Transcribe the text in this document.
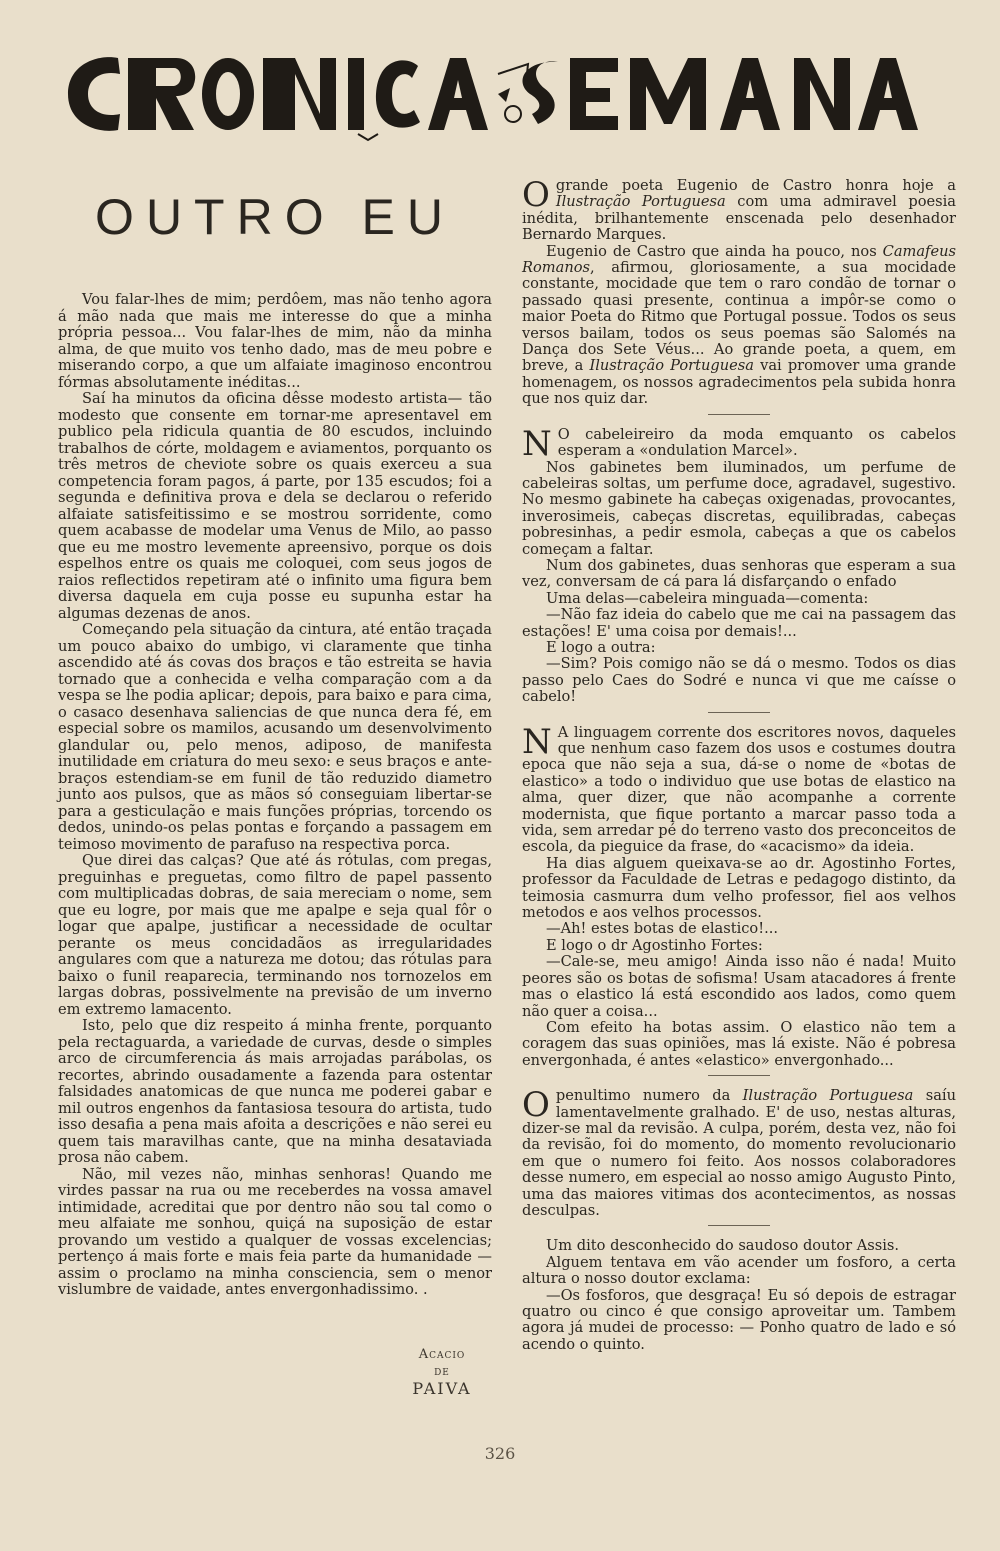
OUTRO EU

Vou falar-lhes de mim; perdôem, mas não tenho agora á mão nada que mais me interesse do que a minha própria pessoa... Vou falar-lhes de mim, não da minha alma, de que muito vos tenho dado, mas de meu pobre e miserando corpo, a que um alfaiate imaginoso encontrou fórmas absolutamente inéditas...

Saí ha minutos da oficina dêsse modesto artista— tão modesto que consente em tornar-me apresentavel em publico pela ridicula quantia de 80 escudos, incluindo trabalhos de córte, moldagem e aviamentos, porquanto os três metros de cheviote sobre os quais exerceu a sua competencia foram pagos, á parte, por 135 escudos; foi a segunda e definitiva prova e dela se declarou o referido alfaiate satisfeitissimo e se mostrou sorridente, como quem acabasse de modelar uma Venus de Milo, ao passo que eu me mostro levemente apreensivo, porque os dois espelhos entre os quais me coloquei, com seus jogos de raios reflectidos repetiram até o infinito uma figura bem diversa daquela em cuja posse eu supunha estar ha algumas dezenas de anos.

Começando pela situação da cintura, até então traçada um pouco abaixo do umbigo, vi claramente que tinha ascendido até ás covas dos braços e tão estreita se havia tornado que a conhecida e velha comparação com a da vespa se lhe podia aplicar; depois, para baixo e para cima, o casaco desenhava saliencias de que nunca dera fé, em especial sobre os mamilos, acusando um desenvolvimento glandular ou, pelo menos, adiposo, de manifesta inutilidade em criatura do meu sexo: e seus braços e ante-braços estendiam-se em funil de tão reduzido diametro junto aos pulsos, que as mãos só conseguiam libertar-se para a gesticulação e mais funções próprias, torcendo os dedos, unindo-os pelas pontas e forçando a passagem em teimoso movimento de parafuso na respectiva porca.

Que direi das calças? Que até ás rótulas, com pregas, preguinhas e preguetas, como filtro de papel passento com multiplicadas dobras, de saia mereciam o nome, sem que eu logre, por mais que me apalpe e seja qual fôr o logar que apalpe, justificar a necessidade de ocultar perante os meus concidadãos as irregularidades angulares com que a natureza me dotou; das rótulas para baixo o funil reaparecia, terminando nos tornozelos em largas dobras, possivelmente na previsão de um inverno em extremo lamacento.

Isto, pelo que diz respeito á minha frente, porquanto pela rectaguarda, a variedade de curvas, desde o simples arco de circumferencia ás mais arrojadas parábolas, os recortes, abrindo ousadamente a fazenda para ostentar falsidades anatomicas de que nunca me poderei gabar e mil outros engenhos da fantasiosa tesoura do artista, tudo isso desafia a pena mais afoita a descrições e não serei eu quem tais maravilhas cante, que na minha desataviada prosa não cabem.

Não, mil vezes não, minhas senhoras! Quando me virdes passar na rua ou me receberdes na vossa amavel intimidade, acreditai que por dentro não sou tal como o meu alfaiate me sonhou, quiçá na suposição de estar provando um vestido a qualquer de vossas excelencias; pertenço á mais forte e mais feia parte da humanidade — assim o proclamo na minha consciencia, sem o menor vislumbre de vaidade, antes envergonhadissimo. .

Acacio
de
PAIVA

Ogrande poeta Eugenio de Castro honra hoje a Ilustração Portuguesa com uma admiravel poesia inédita, brilhantemente enscenada pelo desenhador Bernardo Marques.

Eugenio de Castro que ainda ha pouco, nos Camafeus Romanos, afirmou, gloriosamente, a sua mocidade constante, mocidade que tem o raro condão de tornar o passado quasi presente, continua a impôr-se como o maior Poeta do Ritmo que Portugal possue. Todos os seus versos bailam, todos os seus poemas são Salomés na Dança dos Sete Véus... Ao grande poeta, a quem, em breve, a Ilustração Portuguesa vai promover uma grande homenagem, os nossos agradecimentos pela subida honra que nos quiz dar.

N O cabeleireiro da moda emquanto os cabelos esperam a «ondulation Marcel».

Nos gabinetes bem iluminados, um perfume de cabeleiras soltas, um perfume doce, agradavel, sugestivo. No mesmo gabinete ha cabeças oxigenadas, provocantes, inverosimeis, cabeças discretas, equilibradas, cabeças pobresinhas, a pedir esmola, cabeças a que os cabelos começam a faltar.

Num dos gabinetes, duas senhoras que esperam a sua vez, conversam de cá para lá disfarçando o enfado

Uma delas—cabeleira minguada—comenta:

—Não faz ideia do cabelo que me cai na passagem das estações! E' uma coisa por demais!...

E logo a outra:

—Sim? Pois comigo não se dá o mesmo. Todos os dias passo pelo Caes do Sodré e nunca vi que me caísse o cabelo!

N A linguagem corrente dos escritores novos, daqueles que nenhum caso fazem dos usos e costumes doutra epoca que não seja a sua, dá-se o nome de «botas de elastico» a todo o individuo que use botas de elastico na alma, quer dizer, que não acompanhe a corrente modernista, que fique portanto a marcar passo toda a vida, sem arredar pé do terreno vasto dos preconceitos de escola, da pieguice da frase, do «acacismo» da ideia.

Ha dias alguem queixava-se ao dr. Agostinho Fortes, professor da Faculdade de Letras e pedagogo distinto, da teimosia casmurra dum velho professor, fiel aos velhos metodos e aos velhos processos.

—Ah! estes botas de elastico!...

E logo o dr Agostinho Fortes:

—Cale-se, meu amigo! Ainda isso não é nada! Muito peores são os botas de sofisma! Usam atacadores á frente mas o elastico lá está escondido aos lados, como quem não quer a coisa...

Com efeito ha botas assim. O elastico não tem a coragem das suas opiniões, mas lá existe. Não é pobresa envergonhada, é antes «elastico» envergonhado...

Openultimo numero da Ilustração Portuguesa saíu lamentavelmente gralhado. E' de uso, nestas alturas, dizer-se mal da revisão. A culpa, porém, desta vez, não foi da revisão, foi do momento, do momento revolucionario em que o numero foi feito. Aos nossos colaboradores desse numero, em especial ao nosso amigo Augusto Pinto, uma das maiores vitimas dos acontecimentos, as nossas desculpas.

Um dito desconhecido do saudoso doutor Assis.

Alguem tentava em vão acender um fosforo, a certa altura o nosso doutor exclama:

—Os fosforos, que desgraça! Eu só depois de estragar quatro ou cinco é que consigo aproveitar um. Tambem agora já mudei de processo: — Ponho quatro de lado e só acendo o quinto.

326
